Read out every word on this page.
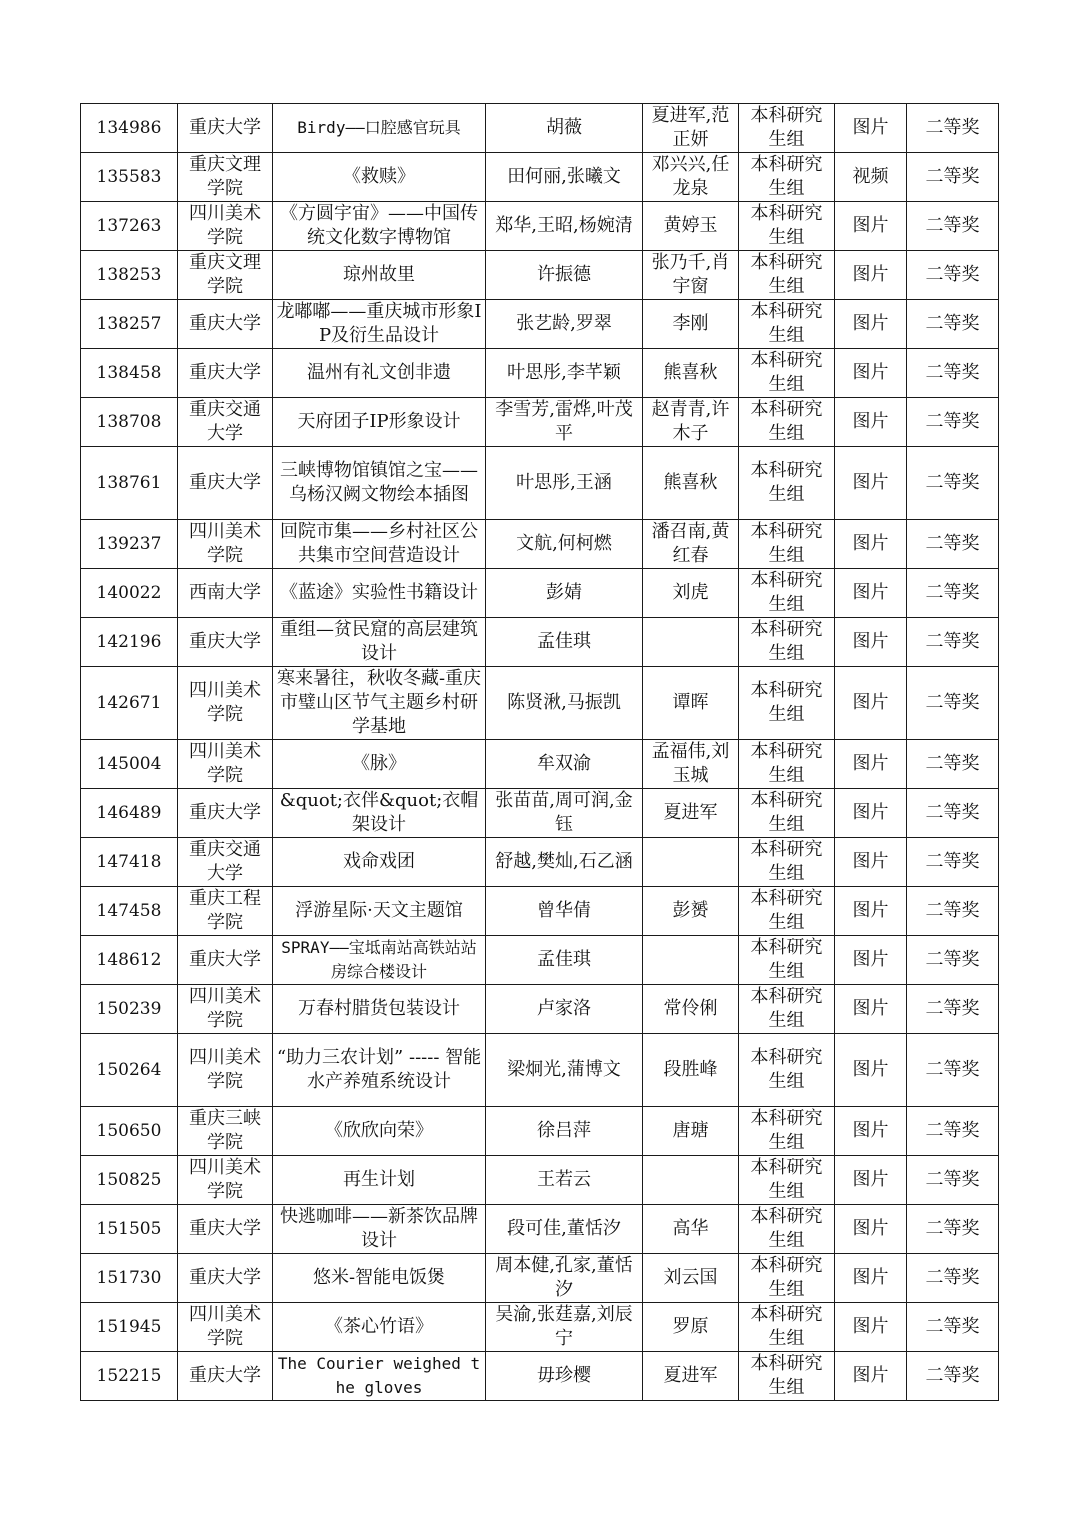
134986	重庆大学	Birdy——口腔感官玩具	胡薇	夏进军,范正妍	本科研究生组	图片	二等奖
135583	重庆文理学院	《救赎》	田何丽,张曦文	邓兴兴,任龙泉	本科研究生组	视频	二等奖
137263	四川美术学院	《方圆宇宙》——中国传统文化数字博物馆	郑华,王昭,杨婉清	黄婷玉	本科研究生组	图片	二等奖
138253	重庆文理学院	琼州故里	许振德	张乃千,肖宇窗	本科研究生组	图片	二等奖
138257	重庆大学	龙嘟嘟——重庆城市形象IP及衍生品设计	张艺龄,罗翠	李刚	本科研究生组	图片	二等奖
138458	重庆大学	温州有礼文创非遗	叶思彤,李芊颖	熊喜秋	本科研究生组	图片	二等奖
138708	重庆交通大学	天府团子IP形象设计	李雪芳,雷烨,叶茂平	赵青青,许木子	本科研究生组	图片	二等奖
138761	重庆大学	三峡博物馆镇馆之宝——乌杨汉阙文物绘本插图	叶思彤,王涵	熊喜秋	本科研究生组	图片	二等奖
139237	四川美术学院	回院市集——乡村社区公共集市空间营造设计	文航,何柯燃	潘召南,黄红春	本科研究生组	图片	二等奖
140022	西南大学	《蓝途》实验性书籍设计	彭婧	刘虎	本科研究生组	图片	二等奖
142196	重庆大学	重组—贫民窟的高层建筑设计	孟佳琪		本科研究生组	图片	二等奖
142671	四川美术学院	寒来暑往，秋收冬藏-重庆市璧山区节气主题乡村研学基地	陈贤湫,马振凯	谭晖	本科研究生组	图片	二等奖
145004	四川美术学院	《脉》	牟双渝	孟福伟,刘玉城	本科研究生组	图片	二等奖
146489	重庆大学	&quot;衣伴&quot;衣帽架设计	张苗苗,周可润,金钰	夏进军	本科研究生组	图片	二等奖
147418	重庆交通大学	戏命戏团	舒越,樊灿,石乙涵		本科研究生组	图片	二等奖
147458	重庆工程学院	浮游星际·天文主题馆	曾华倩	彭赟	本科研究生组	图片	二等奖
148612	重庆大学	SPRAY——宝坻南站高铁站站房综合楼设计	孟佳琪		本科研究生组	图片	二等奖
150239	四川美术学院	万春村腊货包装设计	卢家洛	常伶俐	本科研究生组	图片	二等奖
150264	四川美术学院	“助力三农计划” ----- 智能水产养殖系统设计	梁炯光,蒲博文	段胜峰	本科研究生组	图片	二等奖
150650	重庆三峡学院	《欣欣向荣》	徐吕萍	唐瑭	本科研究生组	图片	二等奖
150825	四川美术学院	再生计划	王若云		本科研究生组	图片	二等奖
151505	重庆大学	快逃咖啡——新茶饮品牌设计	段可佳,董恬汐	高华	本科研究生组	图片	二等奖
151730	重庆大学	悠米-智能电饭煲	周本健,孔家,董恬汐	刘云国	本科研究生组	图片	二等奖
151945	四川美术学院	《茶心竹语》	吴渝,张莛嘉,刘辰宁	罗原	本科研究生组	图片	二等奖
152215	重庆大学	The Courier weighed the gloves	毋珍樱	夏进军	本科研究生组	图片	二等奖
